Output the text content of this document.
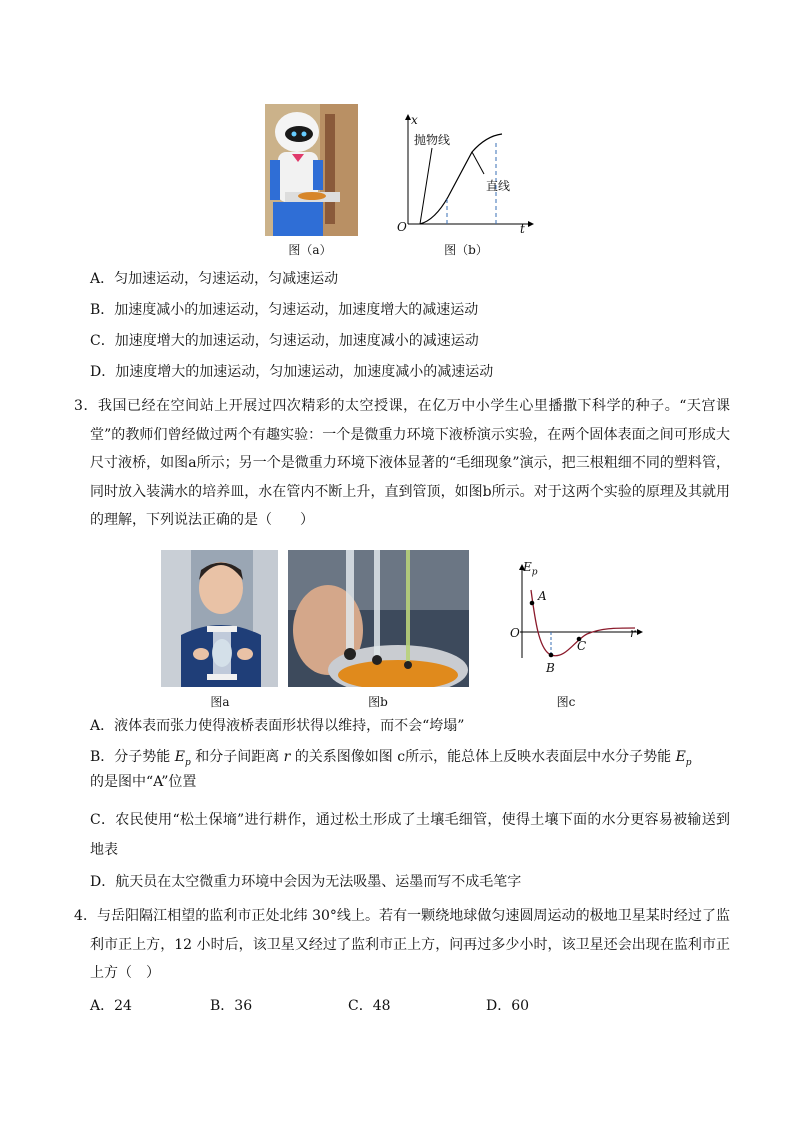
图（a）
x
t
O
抛物线
直线
图（b）
A．匀加速运动，匀速运动，匀减速运动
B．加速度减小的加速运动，匀速运动，加速度增大的减速运动
C．加速度增大的加速运动，匀速运动，加速度减小的减速运动
D．加速度增大的加速运动，匀加速运动，加速度减小的减速运动
3．我国已经在空间站上开展过四次精彩的太空授课，在亿万中小学生心里播撒下科学的种子。“天宫课堂”的教师们曾经做过两个有趣实验：一个是微重力环境下液桥演示实验，在两个固体表面之间可形成大尺寸液桥，如图a所示；另一个是微重力环境下液体显著的“毛细现象”演示，把三根粗细不同的塑料管，同时放入装满水的培养皿，水在管内不断上升，直到管顶，如图b所示。对于这两个实验的原理及其就用的理解，下列说法正确的是（　　）
$E_p$
r
O
A
B
C
图a	图b	图c
A．液体表而张力使得液桥表面形状得以维持，而不会“垮塌”
B．分子势能 $E_p$ 和分子间距离 r 的关系图像如图 c所示，能总体上反映水表面层中水分子势能 $E_p$
的是图中“A”位置
C．农民使用“松土保墒”进行耕作，通过松土形成了土壤毛细管，使得土壤下面的水分更容易被输送到地表
D．航天员在太空微重力环境中会因为无法吸墨、运墨而写不成毛笔字
4．与岳阳隔江相望的监利市正处北纬 30°线上。若有一颗绕地球做匀速圆周运动的极地卫星某时经过了监利市正上方，12 小时后，该卫星又经过了监利市正上方，问再过多少小时，该卫星还会出现在监利市正上方（　）
A．24	B．36	C．48	D．60
